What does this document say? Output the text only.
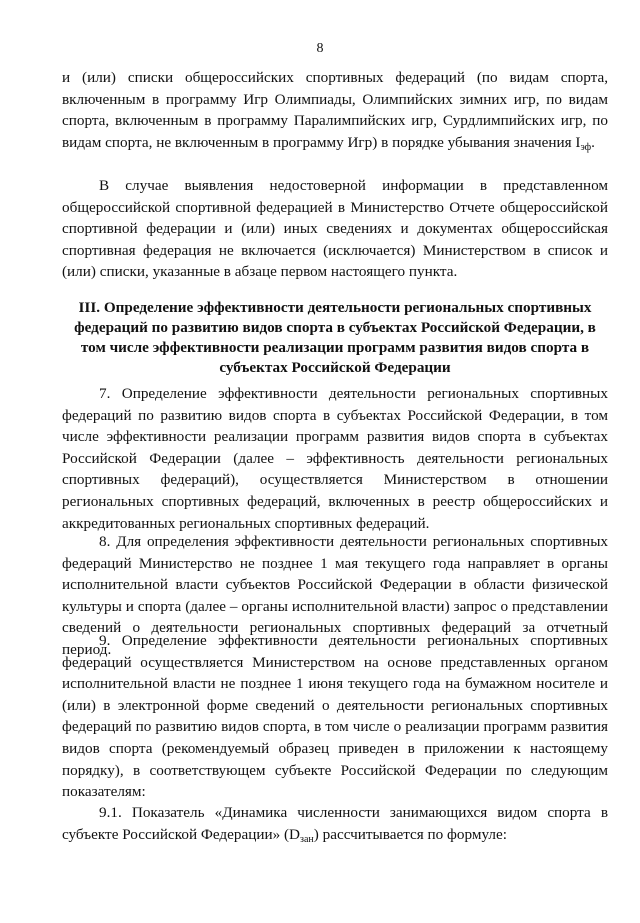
8

и (или) списки общероссийских спортивных федераций (по видам спорта, включенным в программу Игр Олимпиады, Олимпийских зимних игр, по видам спорта, включенным в программу Паралимпийских игр, Сурдлимпийских игр, по видам спорта, не включенным в программу Игр) в порядке убывания значения $I_{эф}$.

В случае выявления недостоверной информации в представленном общероссийской спортивной федерацией в Министерство Отчете общероссийской спортивной федерации и (или) иных сведениях и документах общероссийская спортивная федерация не включается (исключается) Министерством в список и (или) списки, указанные в абзаце первом настоящего пункта.

III. Определение эффективности деятельности региональных спортивных федераций по развитию видов спорта в субъектах Российской Федерации, в том числе эффективности реализации программ развития видов спорта в субъектах Российской Федерации

7. Определение эффективности деятельности региональных спортивных федераций по развитию видов спорта в субъектах Российской Федерации, в том числе эффективности реализации программ развития видов спорта в субъектах Российской Федерации (далее – эффективность деятельности региональных спортивных федераций), осуществляется Министерством в отношении региональных спортивных федераций, включенных в реестр общероссийских и аккредитованных региональных спортивных федераций.

8. Для определения эффективности деятельности региональных спортивных федераций Министерство не позднее 1 мая текущего года направляет в органы исполнительной власти субъектов Российской Федерации в области физической культуры и спорта (далее – органы исполнительной власти) запрос о представлении сведений о деятельности региональных спортивных федераций за отчетный период.

9. Определение эффективности деятельности региональных спортивных федераций осуществляется Министерством на основе представленных органом исполнительной власти не позднее 1 июня текущего года на бумажном носителе и (или) в электронной форме сведений о деятельности региональных спортивных федераций по развитию видов спорта, в том числе о реализации программ развития видов спорта (рекомендуемый образец приведен в приложении к настоящему порядку), в соответствующем субъекте Российской Федерации по следующим показателям:

9.1. Показатель «Динамика численности занимающихся видом спорта в субъекте Российской Федерации» $(D_{зан})$ рассчитывается по формуле:
